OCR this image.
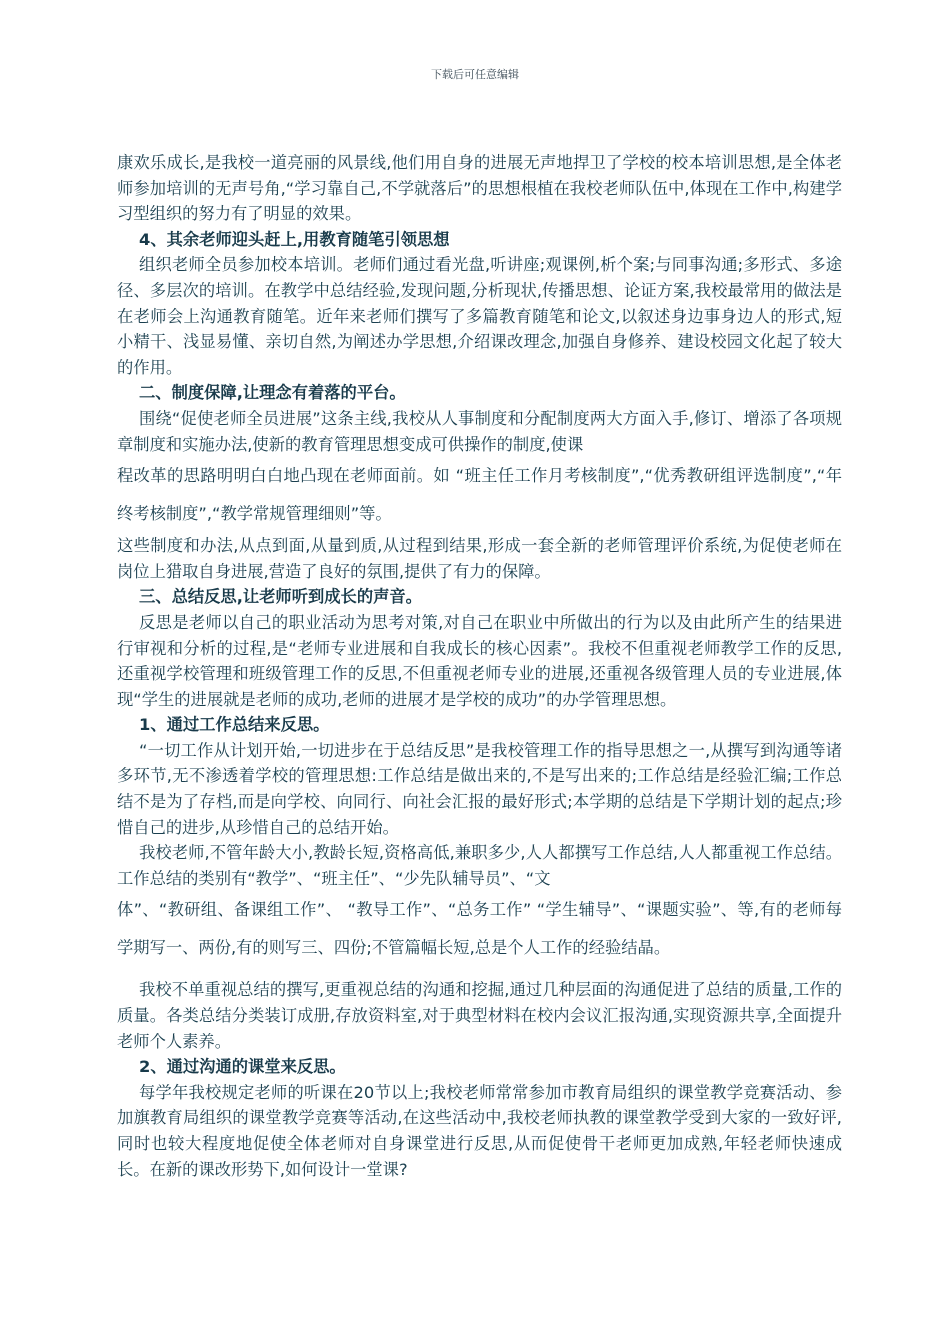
下载后可任意编辑

康欢乐成长,是我校一道亮丽的风景线,他们用自身的进展无声地捍卫了学校的校本培训思想,是全体老师参加培训的无声号角,“学习靠自己,不学就落后”的思想根植在我校老师队伍中,体现在工作中,构建学习型组织的努力有了明显的效果。

4、其余老师迎头赶上,用教育随笔引领思想

组织老师全员参加校本培训。老师们通过看光盘,听讲座;观课例,析个案;与同事沟通;多形式、多途径、多层次的培训。在教学中总结经验,发现问题,分析现状,传播思想、论证方案,我校最常用的做法是在老师会上沟通教育随笔。近年来老师们撰写了多篇教育随笔和论文,以叙述身边事身边人的形式,短小精干、浅显易懂、亲切自然,为阐述办学思想,介绍课改理念,加强自身修养、建设校园文化起了较大的作用。

二、制度保障,让理念有着落的平台。

围绕“促使老师全员进展”这条主线,我校从人事制度和分配制度两大方面入手,修订、增添了各项规章制度和实施办法,使新的教育管理思想变成可供操作的制度,使课

程改革的思路明明白白地凸现在老师面前。如 “班主任工作月考核制度”,“优秀教研组评选制度”,“年终考核制度”,“教学常规管理细则”等。

这些制度和办法,从点到面,从量到质,从过程到结果,形成一套全新的老师管理评价系统,为促使老师在岗位上猎取自身进展,营造了良好的氛围,提供了有力的保障。

三、总结反思,让老师听到成长的声音。

反思是老师以自己的职业活动为思考对策,对自己在职业中所做出的行为以及由此所产生的结果进行审视和分析的过程,是“老师专业进展和自我成长的核心因素”。我校不但重视老师教学工作的反思,还重视学校管理和班级管理工作的反思,不但重视老师专业的进展,还重视各级管理人员的专业进展,体现“学生的进展就是老师的成功,老师的进展才是学校的成功”的办学管理思想。

1、通过工作总结来反思。

“一切工作从计划开始,一切进步在于总结反思”是我校管理工作的指导思想之一,从撰写到沟通等诸多环节,无不渗透着学校的管理思想:工作总结是做出来的,不是写出来的;工作总结是经验汇编;工作总结不是为了存档,而是向学校、向同行、向社会汇报的最好形式;本学期的总结是下学期计划的起点;珍惜自己的进步,从珍惜自己的总结开始。

我校老师,不管年龄大小,教龄长短,资格高低,兼职多少,人人都撰写工作总结,人人都重视工作总结。工作总结的类别有“教学”、“班主任”、“少先队辅导员”、“文

体”、“教研组、备课组工作”、 “教导工作”、“总务工作” “学生辅导”、“课题实验”、等,有的老师每学期写一、两份,有的则写三、四份;不管篇幅长短,总是个人工作的经验结晶。

我校不单重视总结的撰写,更重视总结的沟通和挖掘,通过几种层面的沟通促进了总结的质量,工作的质量。各类总结分类装订成册,存放资料室,对于典型材料在校内会议汇报沟通,实现资源共享,全面提升老师个人素养。

2、通过沟通的课堂来反思。

每学年我校规定老师的听课在20节以上;我校老师常常参加市教育局组织的课堂教学竞赛活动、参加旗教育局组织的课堂教学竞赛等活动,在这些活动中,我校老师执教的课堂教学受到大家的一致好评,同时也较大程度地促使全体老师对自身课堂进行反思,从而促使骨干老师更加成熟,年轻老师快速成长。在新的课改形势下,如何设计一堂课?
